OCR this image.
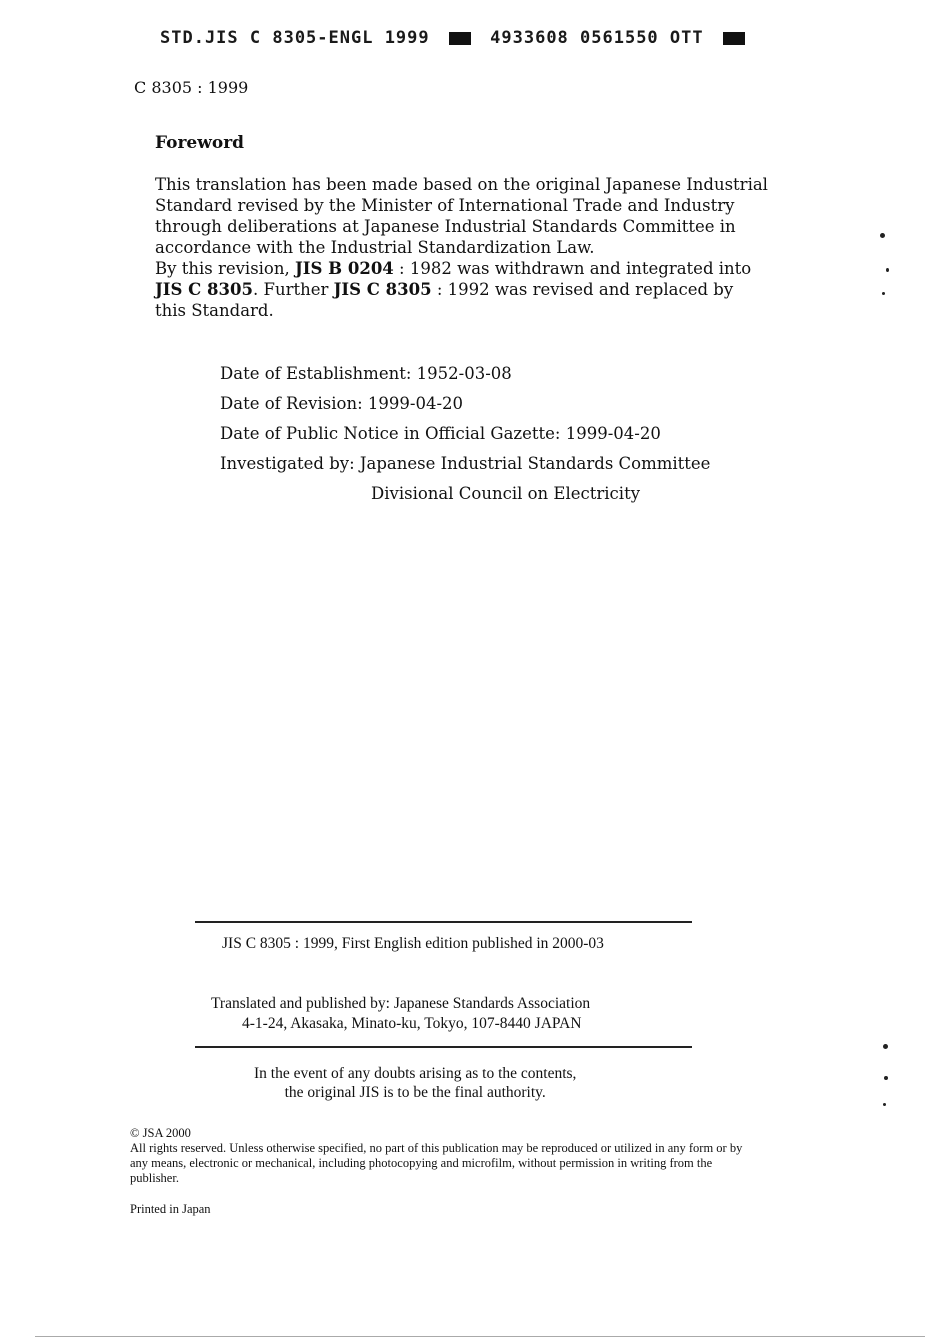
STD.JIS C 8305-ENGL 1999	4933608 0561550 OTT
C 8305 : 1999
Foreword

This translation has been made based on the original Japanese Industrial

Standard revised by the Minister of International Trade and Industry

through deliberations at Japanese Industrial Standards Committee in

accordance with the Industrial Standardization Law.

By this revision, JIS B 0204 : 1982 was withdrawn and integrated into

JIS C 8305. Further JIS C 8305 : 1992 was revised and replaced by

this Standard.

Date of Establishment: 1952-03-08
Date of Revision: 1999-04-20
Date of Public Notice in Official Gazette: 1999-04-20
Investigated by: Japanese Industrial Standards Committee
Divisional Council on Electricity
JIS C 8305 : 1999, First English edition published in 2000-03
Translated and published by: Japanese Standards Association
4-1-24, Akasaka, Minato-ku, Tokyo, 107-8440 JAPAN
In the event of any doubts arising as to the contents,
the original JIS is to be the final authority.
© JSA 2000
All rights reserved. Unless otherwise specified, no part of this publication may be reproduced or utilized in any form or by any means, electronic or mechanical, including photocopying and microfilm, without permission in writing from the publisher.
Printed in Japan
